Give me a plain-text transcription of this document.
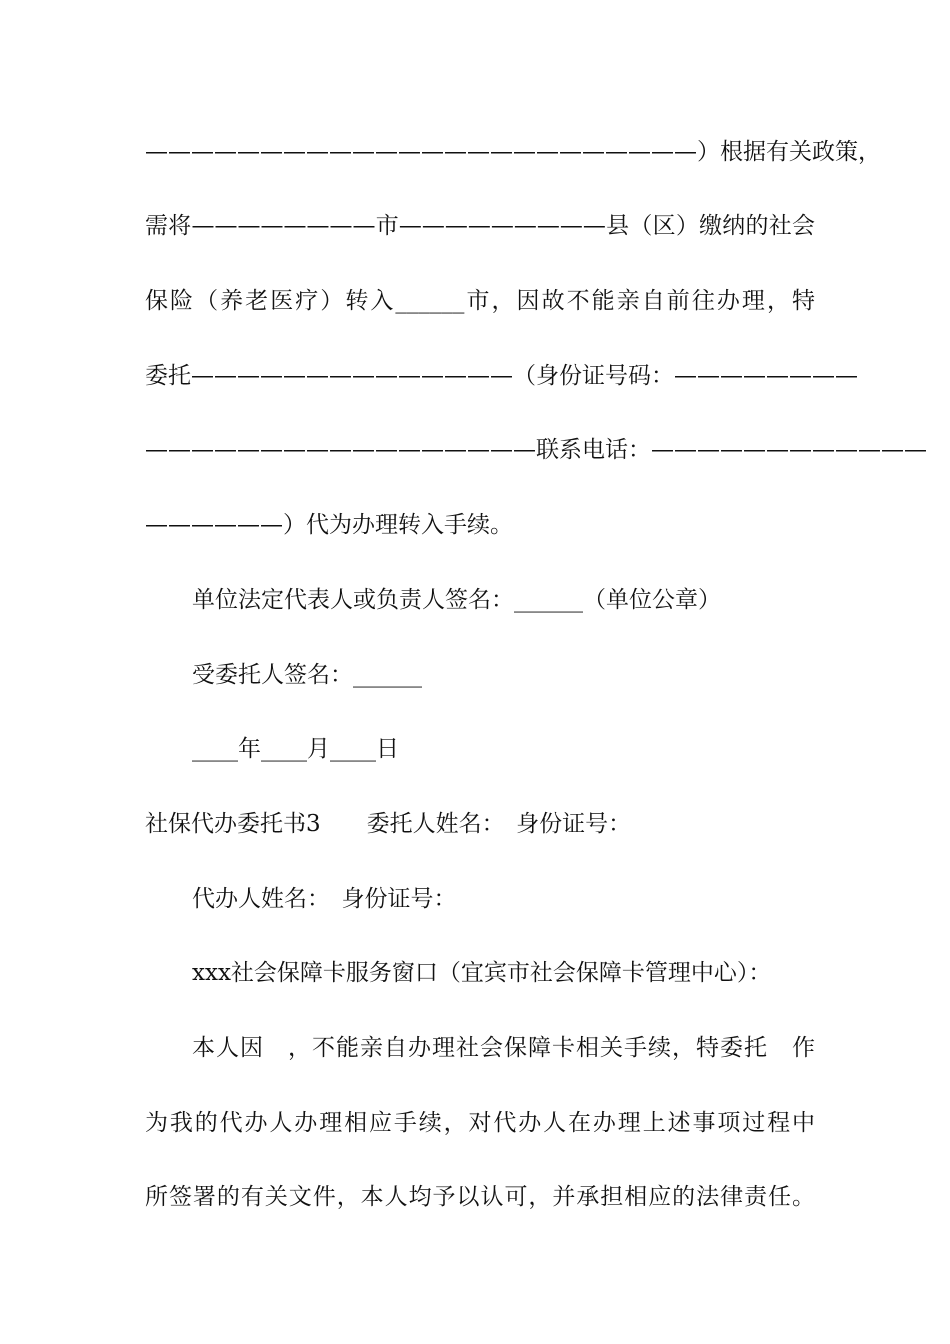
————————————————————————）根据有关政策，
需将————————市—————————县（区）缴纳的社会
保险（养老医疗）转入______市，因故不能亲自前往办理，特
委托——————————————（身份证号码：————————
—————————————————联系电话：————————————
——————）代为办理转入手续。
单位法定代表人或负责人签名：______（单位公章）
受委托人签名：______
____年____月____日
社保代办委托书3　　委托人姓名：　身份证号：
代办人姓名：　身份证号：
xxx社会保障卡服务窗口（宜宾市社会保障卡管理中心）：
本人因　，不能亲自办理社会保障卡相关手续，特委托　作
为我的代办人办理相应手续，对代办人在办理上述事项过程中
所签署的有关文件，本人均予以认可，并承担相应的法律责任。
